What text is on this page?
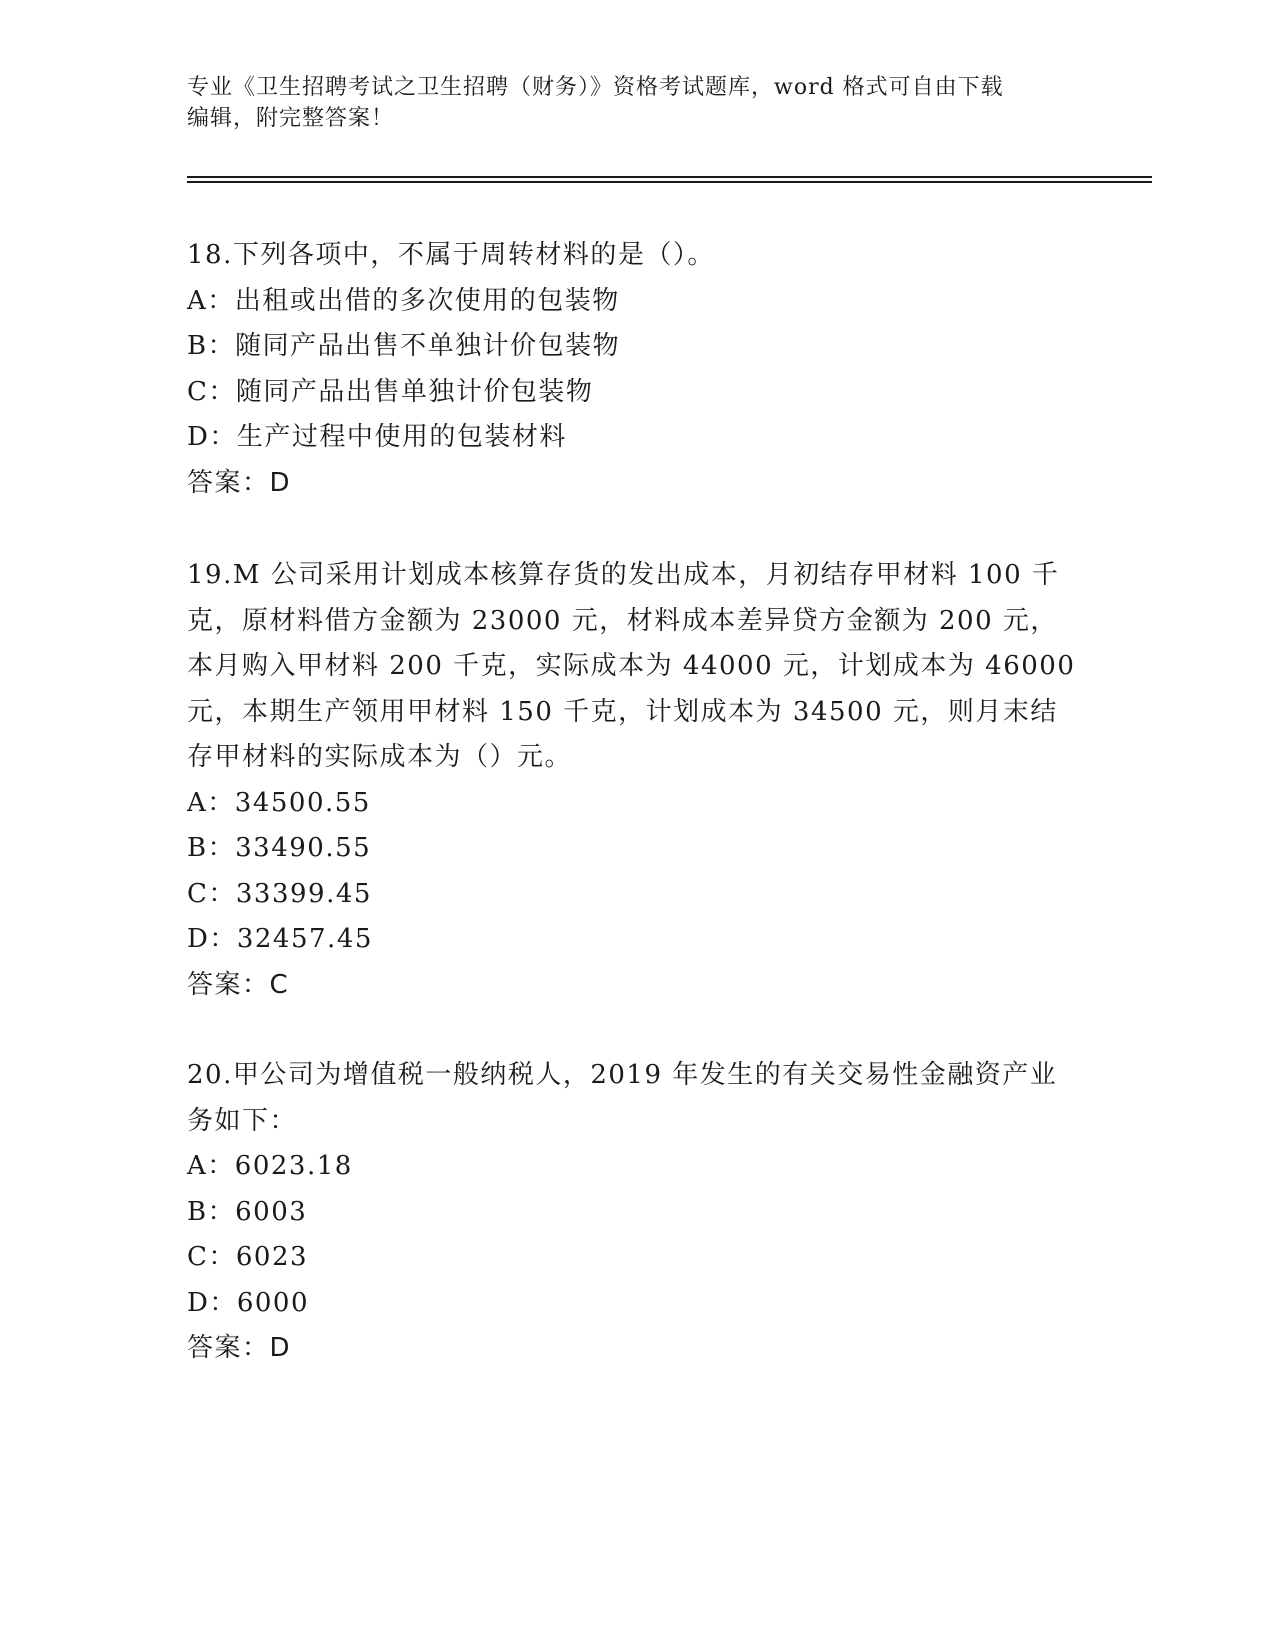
专业《卫生招聘考试之卫生招聘（财务）》资格考试题库，word 格式可自由下载
编辑，附完整答案！
18.下列各项中，不属于周转材料的是（）。
A：出租或出借的多次使用的包装物
B：随同产品出售不单独计价包装物
C：随同产品出售单独计价包装物
D：生产过程中使用的包装材料
答案：D
19.M 公司采用计划成本核算存货的发出成本，月初结存甲材料 100 千
克，原材料借方金额为 23000 元，材料成本差异贷方金额为 200 元，
本月购入甲材料 200 千克，实际成本为 44000 元，计划成本为 46000
元，本期生产领用甲材料 150 千克，计划成本为 34500 元，则月末结
存甲材料的实际成本为（）元。
A：34500.55
B：33490.55
C：33399.45
D：32457.45
答案：C
20.甲公司为增值税一般纳税人，2019 年发生的有关交易性金融资产业
务如下：
A：6023.18
B：6003
C：6023
D：6000
答案：D
